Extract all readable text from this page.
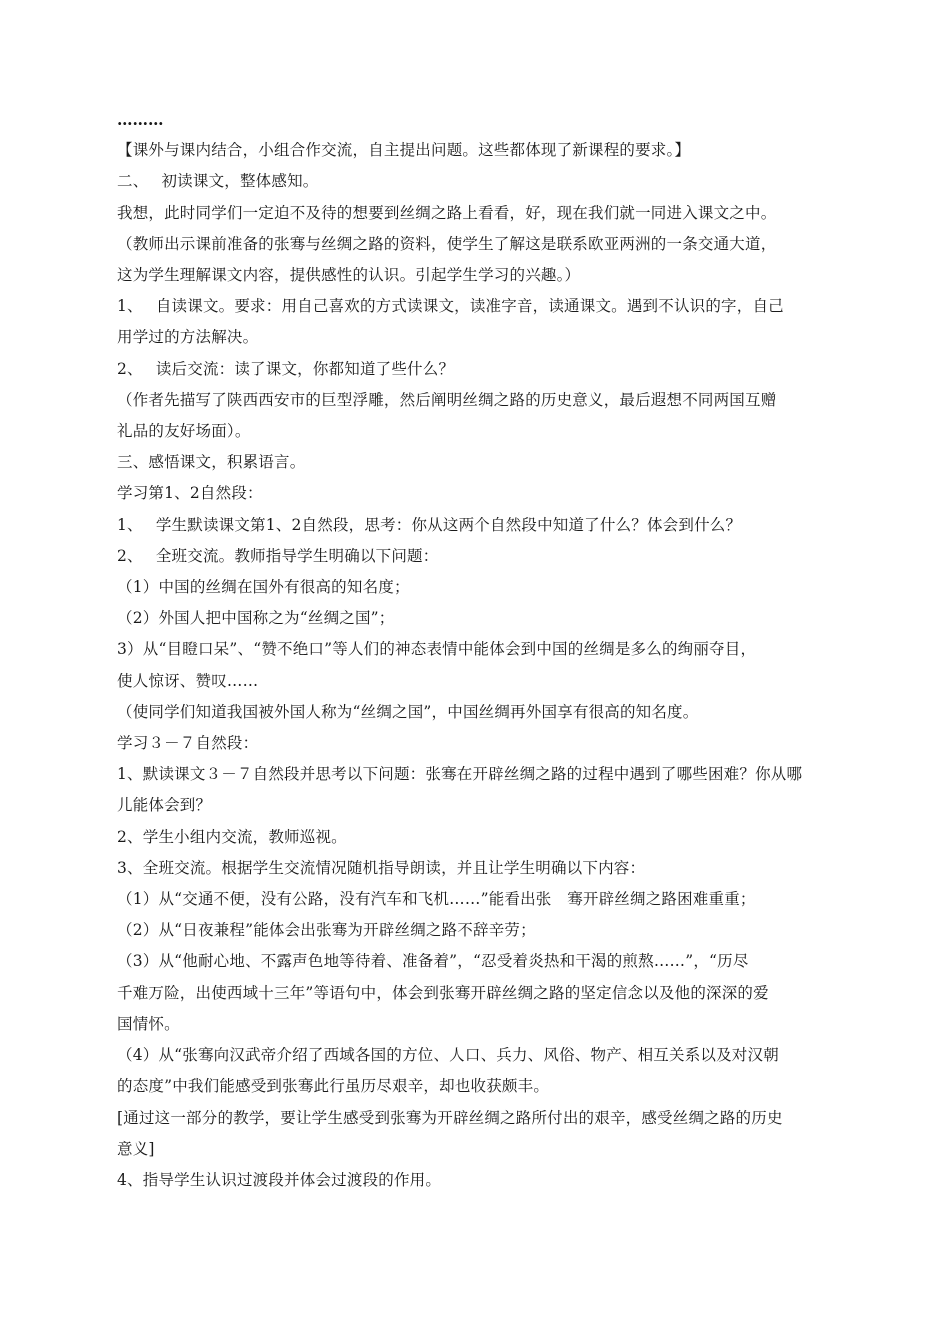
………
【课外与课内结合，小组合作交流，自主提出问题。这些都体现了新课程的要求。】
二、　 初读课文，整体感知。
我想，此时同学们一定迫不及待的想要到丝绸之路上看看，好，现在我们就一同进入课文之中。
（教师出示课前准备的张骞与丝绸之路的资料，使学生了解这是联系欧亚两洲的一条交通大道，
这为学生理解课文内容，提供感性的认识。引起学生学习的兴趣。）
1、　 自读课文。要求：用自己喜欢的方式读课文，读准字音，读通课文。遇到不认识的字，自己
用学过的方法解决。
2、　 读后交流：读了课文，你都知道了些什么？
（作者先描写了陕西西安市的巨型浮雕，然后阐明丝绸之路的历史意义，最后遐想不同两国互赠
礼品的友好场面）。
三、感悟课文，积累语言。
学习第1、2自然段：
1、　 学生默读课文第1、2自然段，思考：你从这两个自然段中知道了什么？体会到什么？
2、　 全班交流。教师指导学生明确以下问题：
（1）中国的丝绸在国外有很高的知名度；
（2）外国人把中国称之为“丝绸之国”；
3）从“目瞪口呆”、“赞不绝口”等人们的神态表情中能体会到中国的丝绸是多么的绚丽夺目，
使人惊讶、赞叹……
（使同学们知道我国被外国人称为“丝绸之国”，中国丝绸再外国享有很高的知名度。
学习３－７自然段：
1、默读课文３－７自然段并思考以下问题：张骞在开辟丝绸之路的过程中遇到了哪些困难？你从哪
儿能体会到？
2、学生小组内交流，教师巡视。
3、全班交流。根据学生交流情况随机指导朗读，并且让学生明确以下内容：
（1）从“交通不便，没有公路，没有汽车和飞机……”能看出张　骞开辟丝绸之路困难重重；
（2）从“日夜兼程”能体会出张骞为开辟丝绸之路不辞辛劳；
（3）从“他耐心地、不露声色地等待着、准备着”，“忍受着炎热和干渴的煎熬……”，“历尽
千难万险，出使西域十三年”等语句中，体会到张骞开辟丝绸之路的坚定信念以及他的深深的爱
国情怀。
（4）从“张骞向汉武帝介绍了西域各国的方位、人口、兵力、风俗、物产、相互关系以及对汉朝
的态度”中我们能感受到张骞此行虽历尽艰辛，却也收获颇丰。
[通过这一部分的教学，要让学生感受到张骞为开辟丝绸之路所付出的艰辛，感受丝绸之路的历史
意义]
4、指导学生认识过渡段并体会过渡段的作用。
